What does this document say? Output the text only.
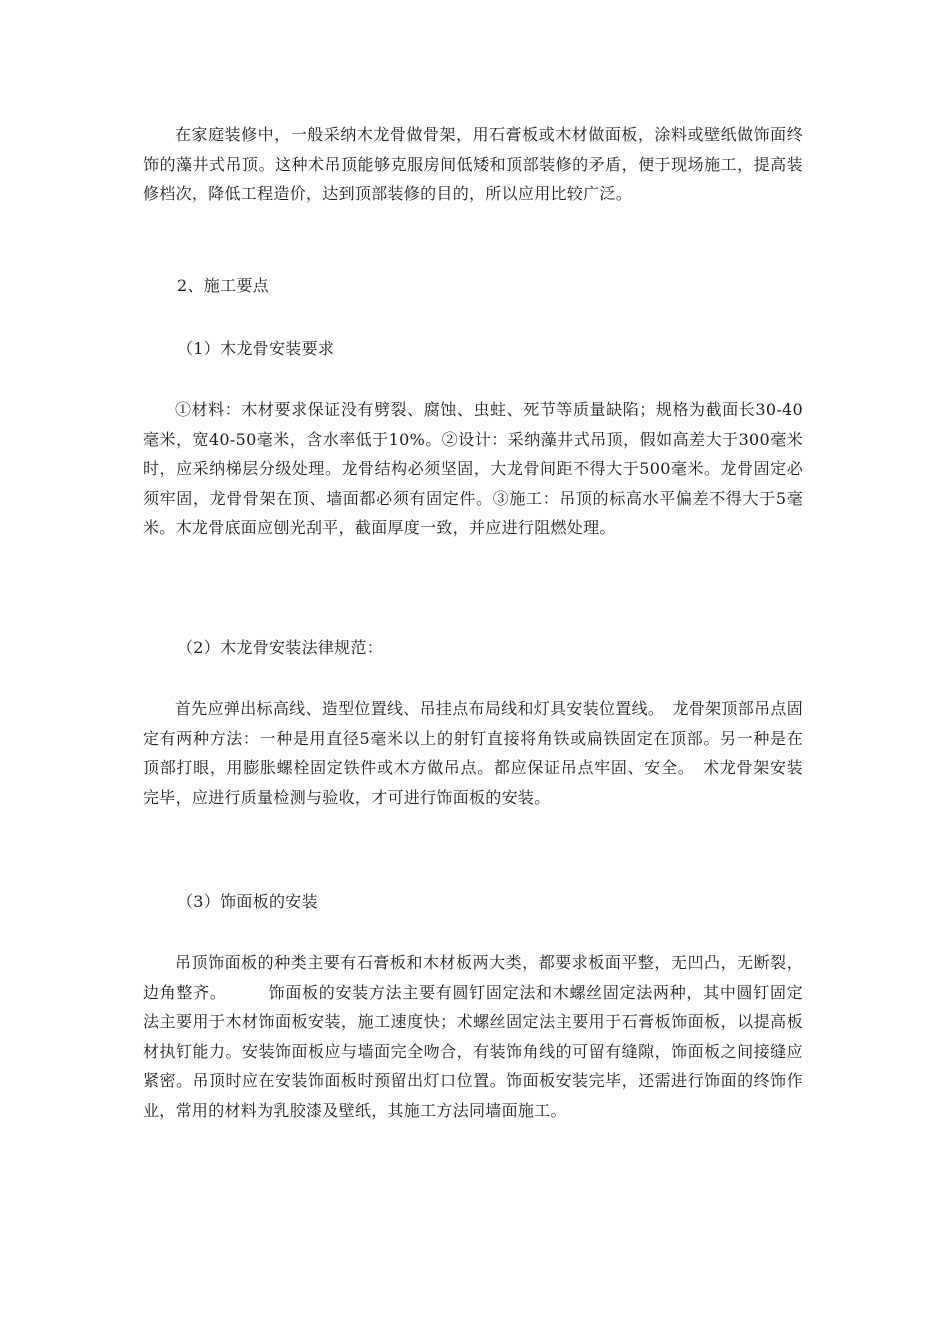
在家庭装修中，一般采纳木龙骨做骨架，用石膏板或木材做面板，涂料或壁纸做饰面终饰的藻井式吊顶。这种术吊顶能够克服房间低矮和顶部装修的矛盾，便于现场施工，提高装修档次，降低工程造价，达到顶部装修的目的，所以应用比较广泛。

2、施工要点

（1）木龙骨安装要求

①材料：木材要求保证没有劈裂、腐蚀、虫蛀、死节等质量缺陷；规格为截面长30-40毫米，宽40-50毫米，含水率低于10%。②设计：采纳藻井式吊顶，假如高差大于300毫米时，应采纳梯层分级处理。龙骨结构必须坚固，大龙骨间距不得大于500毫米。龙骨固定必须牢固，龙骨骨架在顶、墙面都必须有固定件。③施工：吊顶的标高水平偏差不得大于5毫米。木龙骨底面应刨光刮平，截面厚度一致，并应进行阻燃处理。

（2）木龙骨安装法律规范：

首先应弹出标高线、造型位置线、吊挂点布局线和灯具安装位置线。　龙骨架顶部吊点固定有两种方法：一种是用直径5毫米以上的射钉直接将角铁或扁铁固定在顶部。另一种是在顶部打眼，用膨胀螺栓固定铁件或木方做吊点。都应保证吊点牢固、安全。　术龙骨架安装完毕，应进行质量检测与验收，才可进行饰面板的安装。

（3）饰面板的安装

吊顶饰面板的种类主要有石膏板和木材板两大类，都要求板面平整，无凹凸，无断裂，边角整齐。　　　饰面板的安装方法主要有圆钉固定法和木螺丝固定法两种，其中圆钉固定法主要用于木材饰面板安装，施工速度快；术螺丝固定法主要用于石膏板饰面板，以提高板材执钉能力。安装饰面板应与墙面完全吻合，有装饰角线的可留有缝隙，饰面板之间接缝应紧密。吊顶时应在安装饰面板时预留出灯口位置。饰面板安装完毕，还需进行饰面的终饰作业，常用的材料为乳胶漆及壁纸，其施工方法同墙面施工。
